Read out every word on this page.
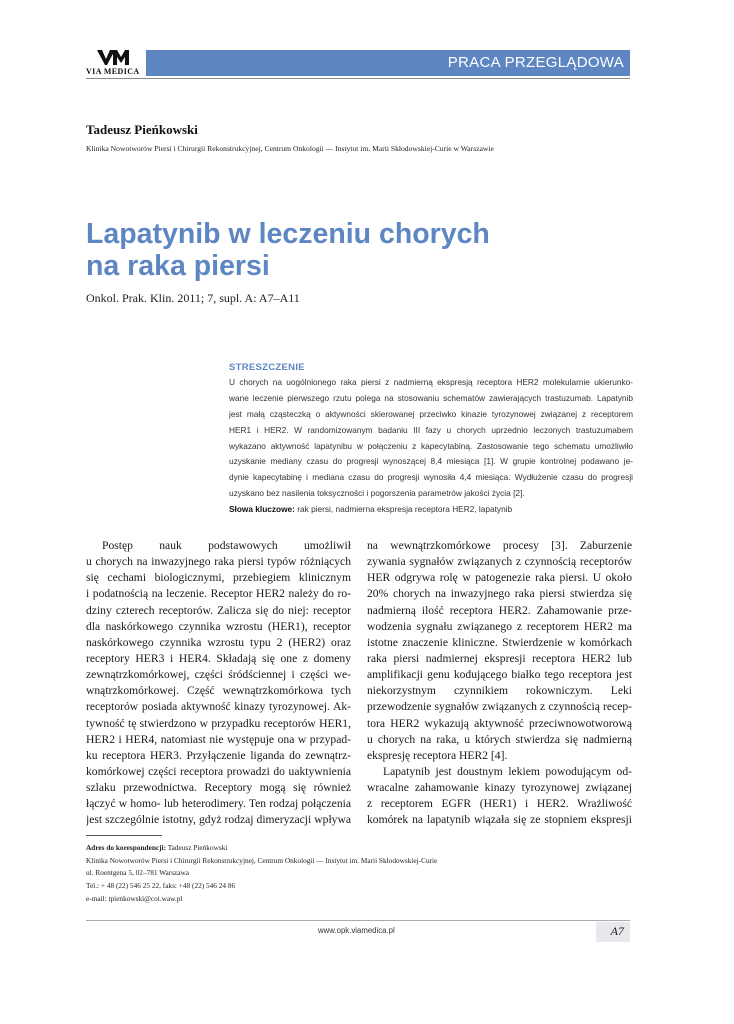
VIA MEDICA
PRACA PRZEGLĄDOWA
Tadeusz Pieńkowski
Klinika Nowotworów Piersi i Chirurgii Rekonstrukcyjnej, Centrum Onkologii — Instytut im. Marii Skłodowskiej-Curie w Warszawie
Lapatynib w leczeniu chorych
na raka piersi
Onkol. Prak. Klin. 2011; 7, supl. A: A7–A11
STRESZCZENIE
U chorych na uogólnionego raka piersi z nadmierną ekspresją receptora HER2 molekularnie ukierunko-
wane leczenie pierwszego rzutu polega na stosowaniu schematów zawierających trastuzumab. Lapatynib
jest małą cząsteczką o aktywności skierowanej przeciwko kinazie tyrozynowej związanej z receptorem
HER1 i HER2. W randomizowanym badaniu III fazy u chorych uprzednio leczonych trastuzumabem
wykazano aktywność lapatynibu w połączeniu z kapecytabiną. Zastosowanie tego schematu umożliwiło
uzyskanie mediany czasu do progresji wynoszącej 8,4 miesiąca [1]. W grupie kontrolnej podawano je-
dynie kapecytabinę i mediana czasu do progresji wynosiła 4,4 miesiąca. Wydłużenie czasu do progresji
uzyskano bez nasilenia toksyczności i pogorszenia parametrów jakości życia [2].
Słowa kluczowe: rak piersi, nadmierna ekspresja receptora HER2, lapatynib
Postęp nauk podstawowych umożliwił
u chorych na inwazyjnego raka piersi typów różniących
się cechami biologicznymi, przebiegiem klinicznym
i podatnością na leczenie. Receptor HER2 należy do ro-
dziny czterech receptorów. Zalicza się do niej: receptor
dla naskórkowego czynnika wzrostu (HER1), receptor
naskórkowego czynnika wzrostu typu 2 (HER2) oraz
receptory HER3 i HER4. Składają się one z domeny
zewnątrzkomórkowej, części śródściennej i części we-
wnątrzkomórkowej. Część wewnątrzkomórkowa tych
receptorów posiada aktywność kinazy tyrozynowej. Ak-
tywność tę stwierdzono w przypadku receptorów HER1,
HER2 i HER4, natomiast nie występuje ona w przypad-
ku receptora HER3. Przyłączenie liganda do zewnątrz-
komórkowej części receptora prowadzi do uaktywnienia
szlaku przewodnictwa. Receptory mogą się również
łączyć w homo- lub heterodimery. Ten rodzaj połączenia
jest szczególnie istotny, gdyż rodzaj dimeryzacji wpływa
na wewnątrzkomórkowe procesy [3]. Zaburzenie
zywania sygnałów związanych z czynnością receptorów
HER odgrywa rolę w patogenezie raka piersi. U około
20% chorych na inwazyjnego raka piersi stwierdza się
nadmierną ilość receptora HER2. Zahamowanie prze-
wodzenia sygnału związanego z receptorem HER2 ma
istotne znaczenie kliniczne. Stwierdzenie w komórkach
raka piersi nadmiernej ekspresji receptora HER2 lub
amplifikacji genu kodującego białko tego receptora jest
niekorzystnym czynnikiem rokowniczym. Leki
przewodzenie sygnałów związanych z czynnością recep-
tora HER2 wykazują aktywność przeciwnowotworową
u chorych na raka, u których stwierdza się nadmierną
ekspresję receptora HER2 [4].
Lapatynib jest doustnym lekiem powodującym od-
wracalne zahamowanie kinazy tyrozynowej związanej
z receptorem EGFR (HER1) i HER2. Wrażliwość
komórek na lapatynib wiązała się ze stopniem ekspresji
Adres do korespondencji: Tadeusz Pieńkowski
Klinika Nowotworów Piersi i Chirurgii Rekonstrukcyjnej, Centrum Onkologii — Instytut im. Marii Skłodowskiej-Curie
ul. Roentgena 5, 02–781 Warszawa
Tel.: + 48 (22) 546 25 22, faks: +48 (22) 546 24 86
e-mail: tpienkowski@coi.waw.pl
www.opk.viamedica.pl	A7
